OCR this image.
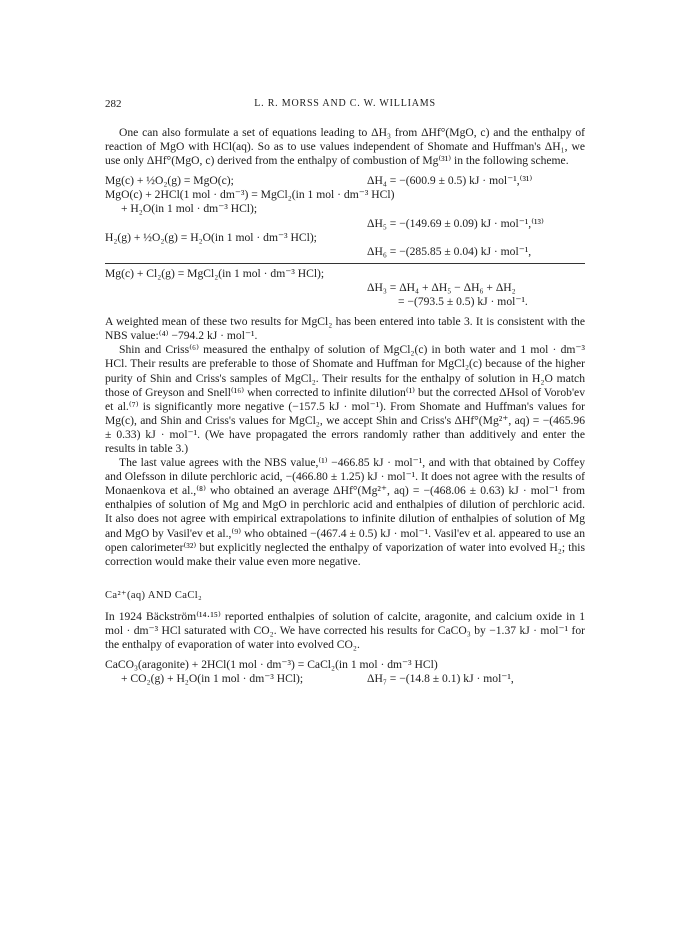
282	L. R. MORSS AND C. W. WILLIAMS

One can also formulate a set of equations leading to ΔH₃ from ΔHf°(MgO, c) and the enthalpy of reaction of MgO with HCl(aq). So as to use values independent of Shomate and Huffman's ΔH₁, we use only ΔHf°(MgO, c) derived from the enthalpy of combustion of Mg⁽³¹⁾ in the following scheme.

Mg(c) + ½O₂(g) = MgO(c);	ΔH₄ = −(600.9 ± 0.5) kJ · mol⁻¹,⁽³¹⁾
MgO(c) + 2HCl(1 mol · dm⁻³) = MgCl₂(in 1 mol · dm⁻³ HCl)
+ H₂O(in 1 mol · dm⁻³ HCl);
ΔH₅ = −(149.69 ± 0.09) kJ · mol⁻¹,⁽¹³⁾
H₂(g) + ½O₂(g) = H₂O(in 1 mol · dm⁻³ HCl);
ΔH₆ = −(285.85 ± 0.04) kJ · mol⁻¹,
Mg(c) + Cl₂(g) = MgCl₂(in 1 mol · dm⁻³ HCl);
ΔH₃ = ΔH₄ + ΔH₅ − ΔH₆ + ΔH₂
= −(793.5 ± 0.5) kJ · mol⁻¹.

A weighted mean of these two results for MgCl₂ has been entered into table 3. It is consistent with the NBS value:⁽⁴⁾ −794.2 kJ · mol⁻¹.

Shin and Criss⁽⁶⁾ measured the enthalpy of solution of MgCl₂(c) in both water and 1 mol · dm⁻³ HCl. Their results are preferable to those of Shomate and Huffman for MgCl₂(c) because of the higher purity of Shin and Criss's samples of MgCl₂. Their results for the enthalpy of solution in H₂O match those of Greyson and Snell⁽¹⁶⁾ when corrected to infinite dilution⁽¹⁾ but the corrected ΔHsol of Vorob'ev et al.⁽⁷⁾ is significantly more negative (−157.5 kJ · mol⁻¹). From Shomate and Huffman's values for Mg(c), and Shin and Criss's values for MgCl₂, we accept Shin and Criss's ΔHf°(Mg²⁺, aq) = −(465.96 ± 0.33) kJ · mol⁻¹. (We have propagated the errors randomly rather than additively and enter the results in table 3.)

The last value agrees with the NBS value,⁽¹⁾ −466.85 kJ · mol⁻¹, and with that obtained by Coffey and Olefsson in dilute perchloric acid, −(466.80 ± 1.25) kJ · mol⁻¹. It does not agree with the results of Monaenkova et al.,⁽⁸⁾ who obtained an average ΔHf°(Mg²⁺, aq) = −(468.06 ± 0.63) kJ · mol⁻¹ from enthalpies of solution of Mg and MgO in perchloric acid and enthalpies of dilution of perchloric acid. It also does not agree with empirical extrapolations to infinite dilution of enthalpies of solution of Mg and MgO by Vasil'ev et al.,⁽⁹⁾ who obtained −(467.4 ± 0.5) kJ · mol⁻¹. Vasil'ev et al. appeared to use an open calorimeter⁽³²⁾ but explicitly neglected the enthalpy of vaporization of water into evolved H₂; this correction would make their value even more negative.

Ca²⁺(aq) AND CaCl₂

In 1924 Bäckström⁽¹⁴·¹⁵⁾ reported enthalpies of solution of calcite, aragonite, and calcium oxide in 1 mol · dm⁻³ HCl saturated with CO₂. We have corrected his results for CaCO₃ by −1.37 kJ · mol⁻¹ for the enthalpy of evaporation of water into evolved CO₂.

CaCO₃(aragonite) + 2HCl(1 mol · dm⁻³) = CaCl₂(in 1 mol · dm⁻³ HCl)
+ CO₂(g) + H₂O(in 1 mol · dm⁻³ HCl);	ΔH₇ = −(14.8 ± 0.1) kJ · mol⁻¹,
